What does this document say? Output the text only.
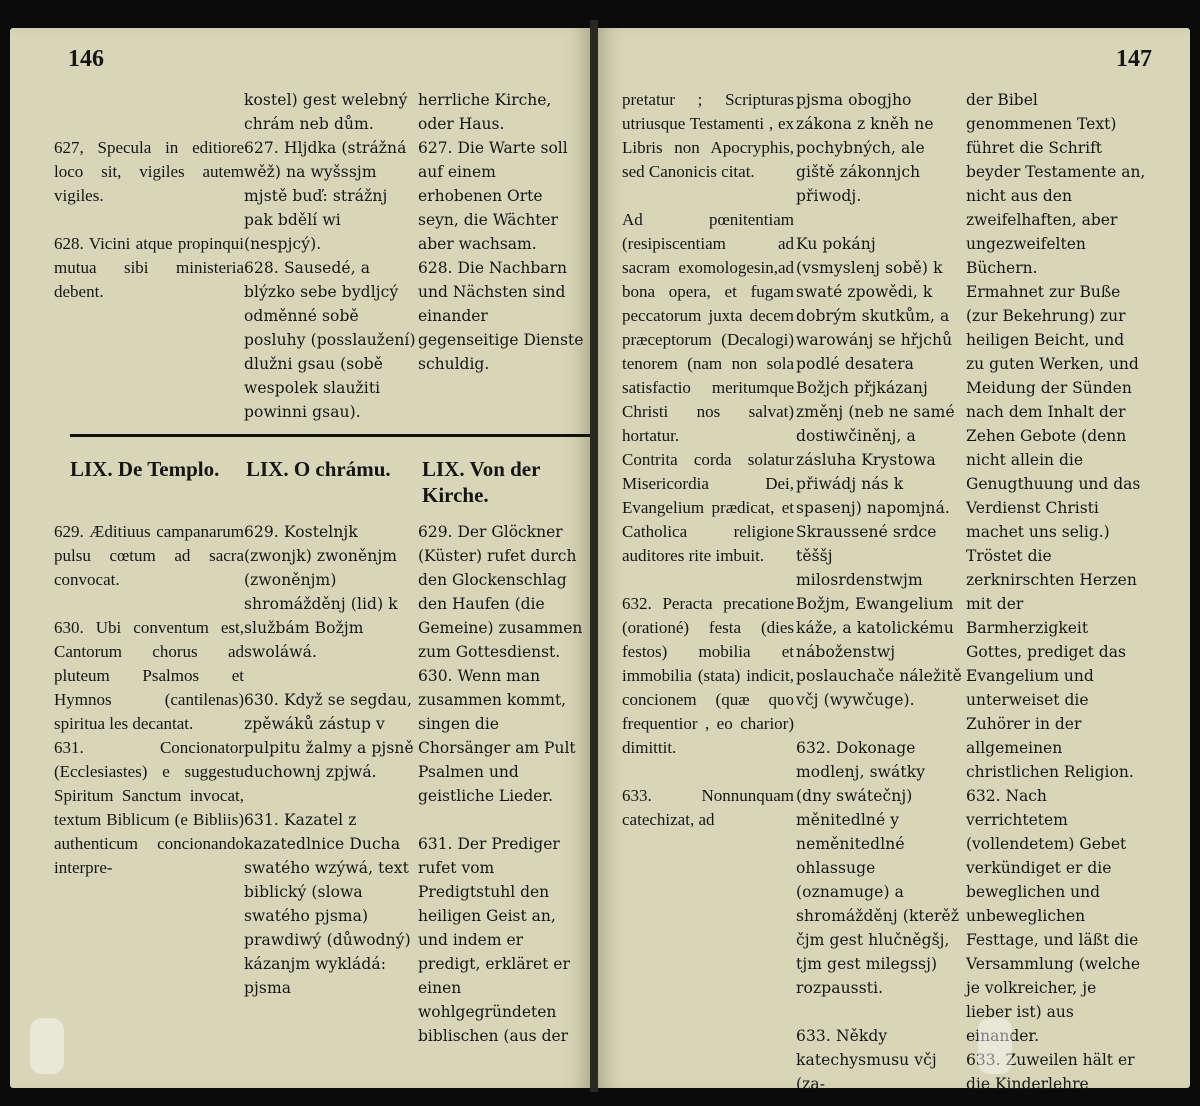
146

627, Specula in editiore loco sit, vigiles autem vigiles.

628. Vicini atque propinqui mutua sibi ministeria debent.

kostel) gest welebný chrám neb dům.
627. Hljdka (strážná wěž) na wyšssjm mjstě buď: strážnj pak bdělí wi (nespjcý).
628. Sausedé, a blýzko sebe bydljcý odměnné sobě posluhy (posslaužení) dlužni gsau (sobě wespolek slaužiti powinni gsau).

herrliche Kirche, oder Haus.
627. Die Warte soll auf einem erhobenen Orte seyn, die Wächter aber wachsam.
628. Die Nachbarn und Nächsten sind einander gegenseitige Dienste schuldig.

LIX. De Templo.	LIX. O chrámu.	LIX. Von der Kirche.

629. Æditiuus campanarum pulsu cœtum ad sacra convocat.

630. Ubi conventum est, Cantorum chorus ad pluteum Psalmos et Hymnos (cantilenas) spiritua les decantat.
631. Concionator (Ecclesiastes) e suggestu Spiritum Sanctum invocat, textum Biblicum (e Bibliis) authenticum concionando interpre-

629. Kostelnjk (zwonjk) zwoněnjm (zwoněnjm) shromážděnj (lid) k službám Božjm swoláwá.

630. Když se segdau, zpěwáků zástup v pulpitu žalmy a pjsně duchownj zpjwá.

631. Kazatel z kazatedlnice Ducha swatého wzýwá, text biblický (slowa swatého pjsma) prawdiwý (důwodný) kázanjm wykládá: pjsma

629. Der Glöckner (Küster) rufet durch den Glockenschlag den Haufen (die Gemeine) zusammen zum Gottesdienst.
630. Wenn man zusammen kommt, singen die Chorsänger am Pult Psalmen und geistliche Lieder.

631. Der Prediger rufet vom Predigtstuhl den heiligen Geist an, und indem er predigt, erkläret er einen wohlgegründeten biblischen (aus der

147

pretatur ; Scripturas utriusque Testamenti , ex Libris non Apocryphis, sed Canonicis citat.

Ad pœnitentiam (resipiscentiam ad sacram exomologesin,ad bona opera, et fugam peccatorum juxta decem præceptorum (Decalogi) tenorem (nam non sola satisfactio meritumque Christi nos salvat) hortatur.
Contrita corda solatur Misericordia Dei, Evangelium prædicat, et Catholica religione auditores rite imbuit.

632. Peracta precatione (orationé) festa (dies festos) mobilia et immobilia (stata) indicit, concionem (quæ quo frequentior , eo charior) dimittit.

633. Nonnunquam catechizat, ad

pjsma obogjho zákona z kněh ne pochybných, ale giště zákonnjch přiwodj.

Ku pokánj (vsmyslenj sobě) k swaté zpowědi, k dobrým skutkům, a warowánj se hřjchů podlé desatera Božjch přjkázanj změnj (neb ne samé dostiwčiněnj, a zásluha Krystowa přiwádj nás k spasenj) napomjná.
Skraussené srdce těššj milosrdenstwjm Božjm, Ewangelium káže, a katolickému náboženstwj poslauchače náležitě včj (wywčuge).

632. Dokonage modlenj, swátky (dny swátečnj) měnitedlné y neměnitedlné ohlassuge (oznamuge) a shromážděnj (kterěž čjm gest hlučněgšj, tjm gest milegssj) rozpaussti.

633. Někdy katechysmusu včj (za-

der Bibel genommenen Text) führet die Schrift beyder Testamente an, nicht aus den zweifelhaften, aber ungezweifelten Büchern.
Ermahnet zur Buße (zur Bekehrung) zur heiligen Beicht, und zu guten Werken, und Meidung der Sünden nach dem Inhalt der Zehen Gebote (denn nicht allein die Genugthuung und das Verdienst Christi machet uns selig.)
Tröstet die zerknirschten Herzen mit der Barmherzigkeit Gottes, prediget das Evangelium und unterweiset die Zuhörer in der allgemeinen christlichen Religion.
632. Nach verrichtetem (vollendetem) Gebet verkündiget er die beweglichen und unbeweglichen Festtage, und läßt die Versammlung (welche je volkreicher, je lieber ist) aus einander.
633. Zuweilen hält er die Kinderlehre
